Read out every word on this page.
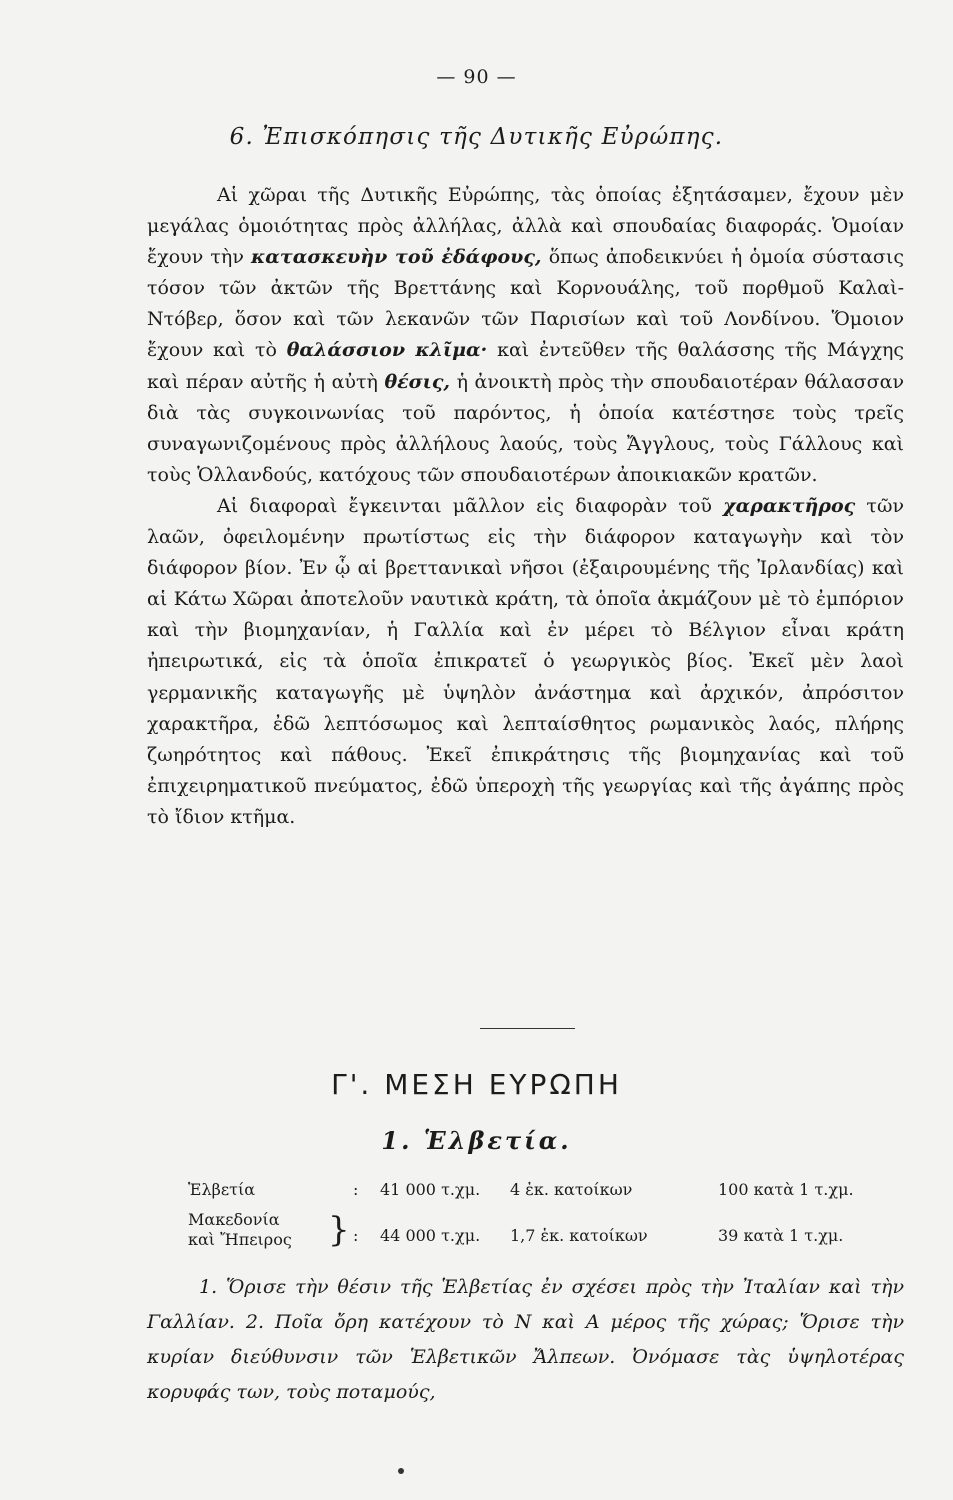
— 90 —
6. Ἐπισκόπησις τῆς Δυτικῆς Εὐρώπης.

Αἱ χῶραι τῆς Δυτικῆς Εὐρώπης, τὰς ὁποίας ἐξητάσαμεν, ἔχουν μὲν μεγάλας ὁμοιότητας πρὸς ἀλλήλας, ἀλλὰ καὶ σπουδαίας διαφοράς. Ὁμοίαν ἔχουν τὴν κατασκευὴν τοῦ ἐδάφους, ὅπως ἀποδεικνύει ἡ ὁμοία σύστασις τόσον τῶν ἀκτῶν τῆς Βρεττάνης καὶ Κορνουάλης, τοῦ πορθμοῦ Καλαὶ-Ντόβερ, ὅσον καὶ τῶν λεκανῶν τῶν Παρισίων καὶ τοῦ Λονδίνου. Ὅμοιον ἔχουν καὶ τὸ θαλάσσιον κλῖμα· καὶ ἐντεῦθεν τῆς θαλάσσης τῆς Μάγχης καὶ πέραν αὐτῆς ἡ αὐτὴ θέσις, ἡ ἀνοικτὴ πρὸς τὴν σπουδαιοτέραν θάλασσαν διὰ τὰς συγκοινωνίας τοῦ παρόντος, ἡ ὁποία κατέστησε τοὺς τρεῖς συναγωνιζομένους πρὸς ἀλλήλους λαούς, τοὺς Ἄγγλους, τοὺς Γάλλους καὶ τοὺς Ὁλλανδούς, κατόχους τῶν σπουδαιοτέρων ἀποικιακῶν κρατῶν.

Αἱ διαφοραὶ ἔγκεινται μᾶλλον εἰς διαφορὰν τοῦ χαρακτῆρος τῶν λαῶν, ὀφειλομένην πρωτίστως εἰς τὴν διάφορον καταγωγὴν καὶ τὸν διάφορον βίον. Ἐν ᾧ αἱ βρεττανικαὶ νῆσοι (ἐξαιρουμένης τῆς Ἰρλανδίας) καὶ αἱ Κάτω Χῶραι ἀποτελοῦν ναυτικὰ κράτη, τὰ ὁποῖα ἀκμάζουν μὲ τὸ ἐμπόριον καὶ τὴν βιομηχανίαν, ἡ Γαλλία καὶ ἐν μέρει τὸ Βέλγιον εἶναι κράτη ἠπειρωτικά, εἰς τὰ ὁποῖα ἐπικρατεῖ ὁ γεωργικὸς βίος. Ἐκεῖ μὲν λαοὶ γερμανικῆς καταγωγῆς μὲ ὑψηλὸν ἀνάστημα καὶ ἀρχικόν, ἀπρόσιτον χαρακτῆρα, ἐδῶ λεπτόσωμος καὶ λεπταίσθητος ρωμανικὸς λαός, πλήρης ζωηρότητος καὶ πάθους. Ἐκεῖ ἐπικράτησις τῆς βιομηχανίας καὶ τοῦ ἐπιχειρηματικοῦ πνεύματος, ἐδῶ ὑπεροχὴ τῆς γεωργίας καὶ τῆς ἀγάπης πρὸς τὸ ἴδιον κτῆμα.

Γ'. ΜΕΣΗ ΕΥΡΩΠΗ
1. Ἑλβετία.
Ἑλβετία	: 41 000 τ.χμ. 4 ἑκ. κατοίκων	100 κατὰ 1 τ.χμ.
Μακεδονία

καὶ Ἤπειρος } : 44 000 τ.χμ. 1,7 ἑκ. κατοίκων	39 κατὰ 1 τ.χμ.

1. Ὅρισε τὴν θέσιν τῆς Ἑλβετίας ἐν σχέσει πρὸς τὴν Ἰταλίαν καὶ τὴν Γαλλίαν. 2. Ποῖα ὄρη κατέχουν τὸ Ν καὶ Α μέρος τῆς χώρας; Ὅρισε τὴν κυρίαν διεύθυνσιν τῶν Ἑλβετικῶν Ἄλπεων. Ὀνόμασε τὰς ὑψηλοτέρας κορυφάς των, τοὺς ποταμούς,
